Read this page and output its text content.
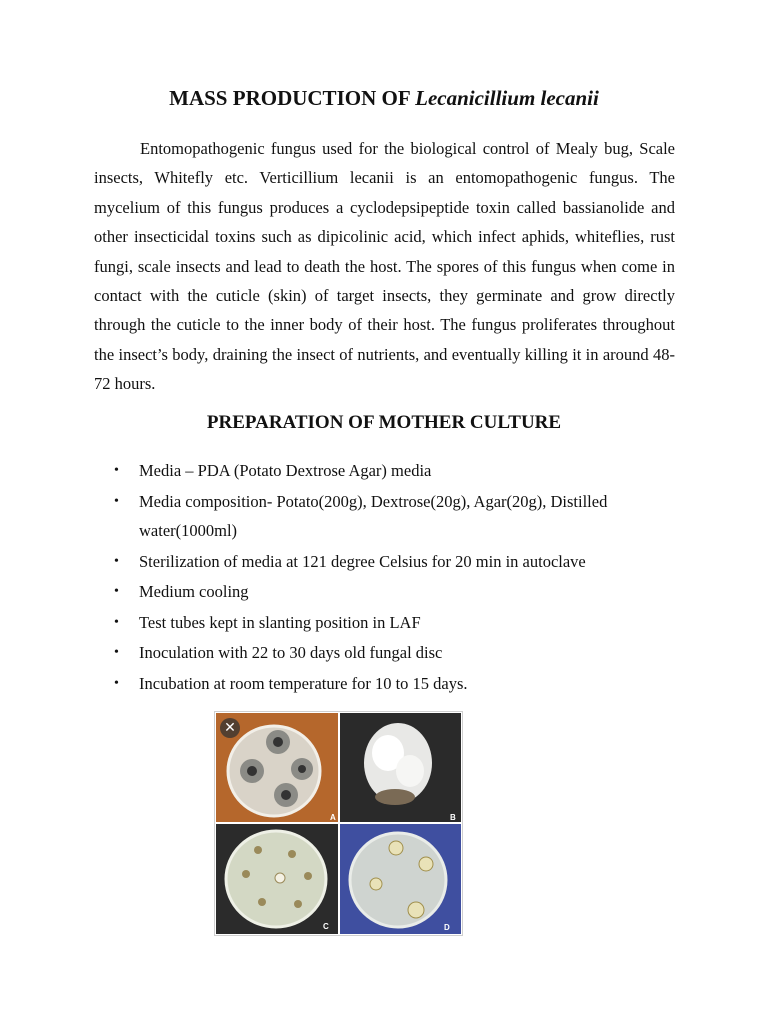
MASS PRODUCTION OF Lecanicillium lecanii

Entomopathogenic fungus used for the biological control of Mealy bug, Scale insects, Whitefly etc. Verticillium lecanii is an entomopathogenic fungus. The mycelium of this fungus produces a cyclodepsipeptide toxin called bassianolide and other insecticidal toxins such as dipicolinic acid, which infect aphids, whiteflies, rust fungi, scale insects and lead to death the host. The spores of this fungus when come in contact with the cuticle (skin) of target insects, they germinate and grow directly through the cuticle to the inner body of their host. The fungus proliferates throughout the insect’s body, draining the insect of nutrients, and eventually killing it in around 48-72 hours.

PREPARATION OF MOTHER CULTURE
• Media – PDA (Potato Dextrose Agar) media
• Media composition- Potato(200g), Dextrose(20g), Agar(20g), Distilled water(1000ml)
• Sterilization of media at 121 degree Celsius for 20 min in autoclave
• Medium cooling
• Test tubes kept in slanting position in LAF
• Inoculation with 22 to 30 days old fungal disc
• Incubation at room temperature for 10 to 15 days.
A	B
C	D
✕
